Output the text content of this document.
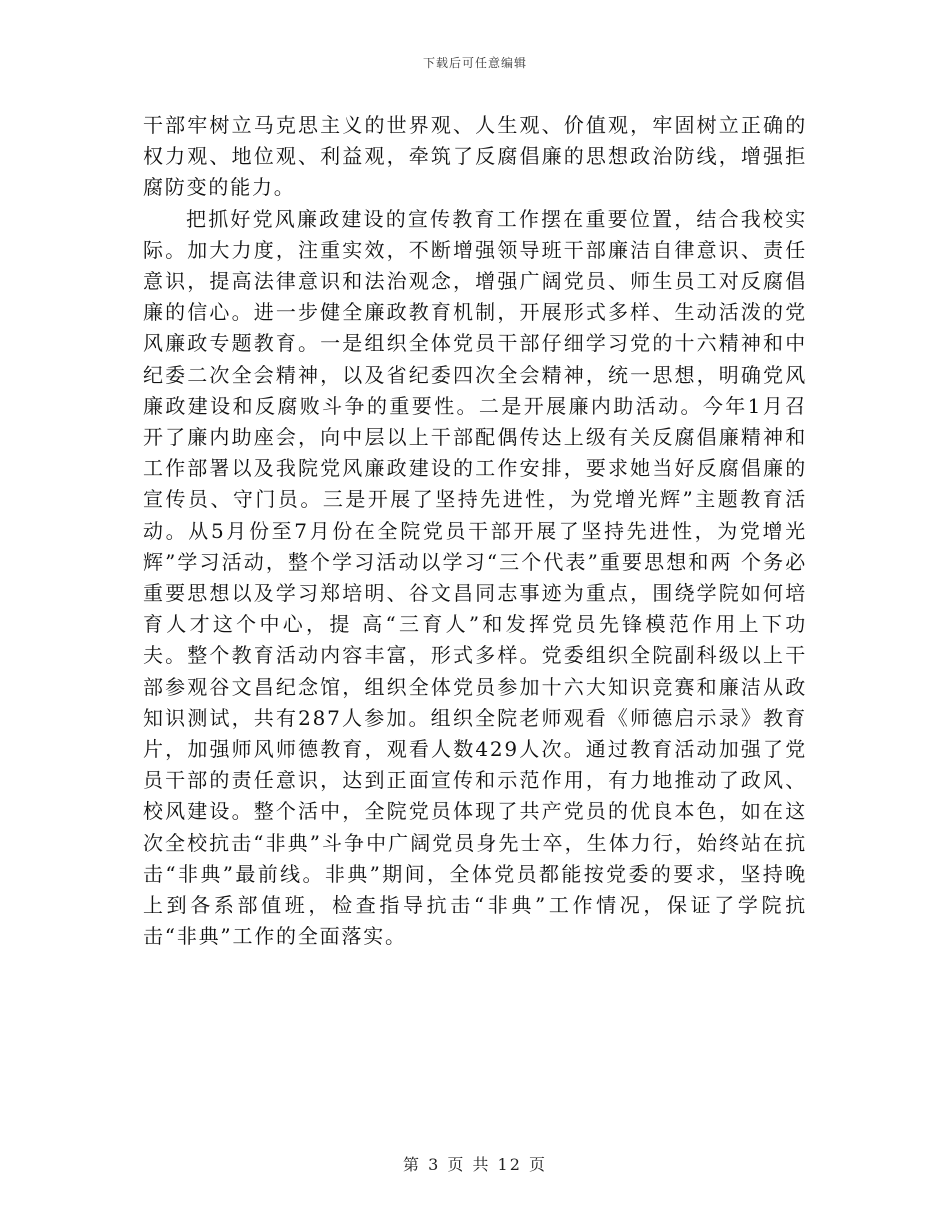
下载后可任意编辑

干部牢树立马克思主义的世界观、人生观、价值观，牢固树立正确的权力观、地位观、利益观，牵筑了反腐倡廉的思想政治防线，增强拒腐防变的能力。

把抓好党风廉政建设的宣传教育工作摆在重要位置，结合我校实际。加大力度，注重实效，不断增强领导班干部廉洁自律意识、责任意识，提高法律意识和法治观念，增强广阔党员、师生员工对反腐倡廉的信心。进一步健全廉政教育机制，开展形式多样、生动活泼的党风廉政专题教育。一是组织全体党员干部仔细学习党的十六精神和中纪委二次全会精神，以及省纪委四次全会精神，统一思想，明确党风廉政建设和反腐败斗争的重要性。二是开展廉内助活动。今年1月召开了廉内助座会，向中层以上干部配偶传达上级有关反腐倡廉精神和工作部署以及我院党风廉政建设的工作安排，要求她当好反腐倡廉的宣传员、守门员。三是开展了坚持先进性，为党增光辉”主题教育活动。从5月份至7月份在全院党员干部开展了坚持先进性，为党增光辉”学习活动，整个学习活动以学习“三个代表”重要思想和两 个务必重要思想以及学习郑培明、谷文昌同志事迹为重点，围绕学院如何培育人才这个中心，提 高“三育人”和发挥党员先锋模范作用上下功夫。整个教育活动内容丰富，形式多样。党委组织全院副科级以上干部参观谷文昌纪念馆，组织全体党员参加十六大知识竞赛和廉洁从政知识测试，共有287人参加。组织全院老师观看《师德启示录》教育片，加强师风师德教育，观看人数429人次。通过教育活动加强了党员干部的责任意识，达到正面宣传和示范作用，有力地推动了政风、校风建设。整个活中，全院党员体现了共产党员的优良本色，如在这次全校抗击“非典”斗争中广阔党员身先士卒，生体力行，始终站在抗击“非典”最前线。非典”期间，全体党员都能按党委的要求，坚持晚上到各系部值班，检查指导抗击“非典”工作情况，保证了学院抗击“非典”工作的全面落实。

第 3 页 共 12 页
